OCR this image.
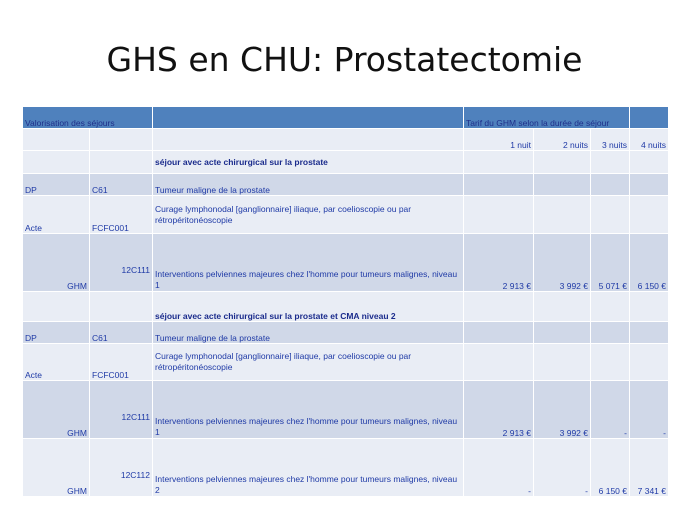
GHS en CHU: Prostatectomie
Valorisation des séjours			Tarif du GHM selon la durée de séjour			
			1 nuit	2 nuits	3 nuits	4 nuits
		séjour avec acte chirurgical sur la prostate				
DP	C61	Tumeur maligne de la prostate				
Acte	FCFC001	Curage lymphonodal [ganglionnaire] iliaque, par coelioscopie ou par rétropéritonéoscopie				
GHM	12C111	Interventions pelviennes majeures chez l'homme pour tumeurs malignes, niveau 1	2 913 €	3 992 €	5 071 €	6 150 €
		séjour avec acte chirurgical sur la prostate et CMA niveau 2				
DP	C61	Tumeur maligne de la prostate				
Acte	FCFC001	Curage lymphonodal [ganglionnaire] iliaque, par coelioscopie ou par rétropéritonéoscopie				
GHM	12C111	Interventions pelviennes majeures chez l'homme pour tumeurs malignes, niveau 1	2 913 €	3 992 €	-	-
GHM	12C112	Interventions pelviennes majeures chez l'homme pour tumeurs malignes, niveau 2	-	-	6 150 €	7 341 €
